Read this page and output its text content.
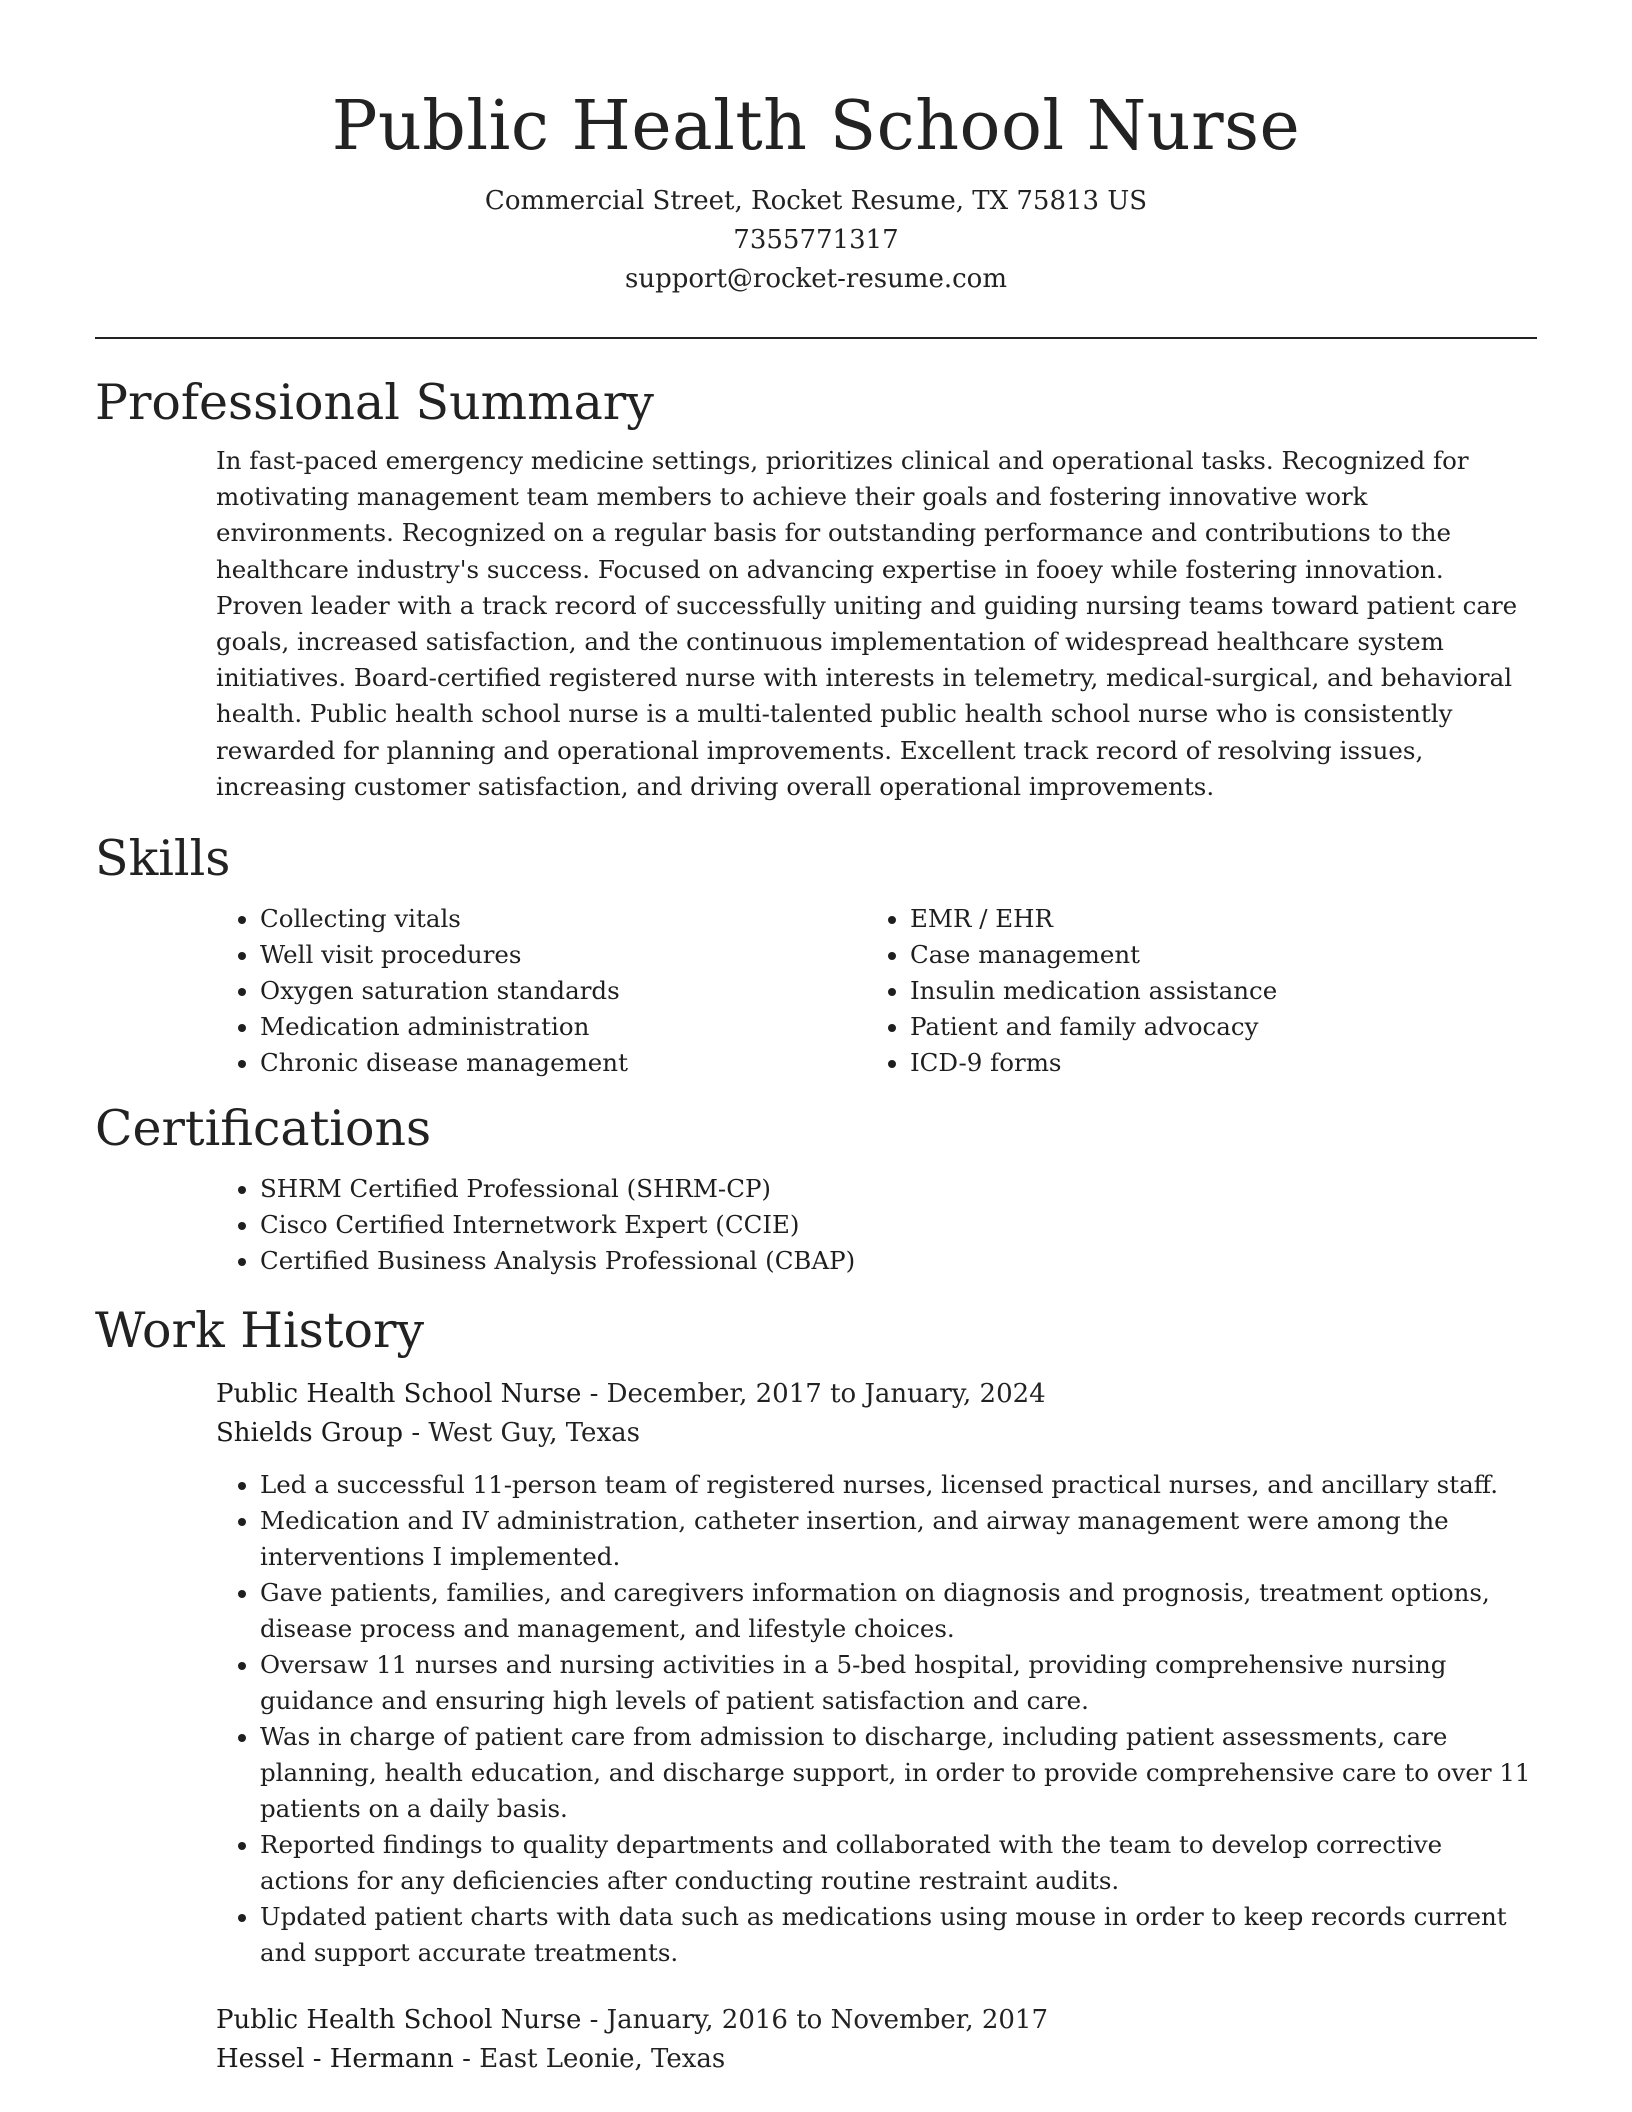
Public Health School Nurse
Commercial Street, Rocket Resume, TX 75813 US
7355771317
support@rocket-resume.com
Professional Summary

In fast-paced emergency medicine settings, prioritizes clinical and operational tasks. Recognized for motivating management team members to achieve their goals and fostering innovative work environments. Recognized on a regular basis for outstanding performance and contributions to the healthcare industry's success. Focused on advancing expertise in fooey while fostering innovation. Proven leader with a track record of successfully uniting and guiding nursing teams toward patient care goals, increased satisfaction, and the continuous implementation of widespread healthcare system initiatives. Board-certified registered nurse with interests in telemetry, medical-surgical, and behavioral health. Public health school nurse is a multi-talented public health school nurse who is consistently rewarded for planning and operational improvements. Excellent track record of resolving issues, increasing customer satisfaction, and driving overall operational improvements.

Skills
• Collecting vitals
• Well visit procedures
• Oxygen saturation standards
• Medication administration
• Chronic disease management
• EMR / EHR
• Case management
• Insulin medication assistance
• Patient and family advocacy
• ICD-9 forms
Certifications
• SHRM Certified Professional (SHRM-CP)
• Cisco Certified Internetwork Expert (CCIE)
• Certified Business Analysis Professional (CBAP)
Work History
Public Health School Nurse - December, 2017 to January, 2024
Shields Group - West Guy, Texas
• Led a successful 11-person team of registered nurses, licensed practical nurses, and ancillary staff.
• Medication and IV administration, catheter insertion, and airway management were among the interventions I implemented.
• Gave patients, families, and caregivers information on diagnosis and prognosis, treatment options, disease process and management, and lifestyle choices.
• Oversaw 11 nurses and nursing activities in a 5-bed hospital, providing comprehensive nursing guidance and ensuring high levels of patient satisfaction and care.
• Was in charge of patient care from admission to discharge, including patient assessments, care planning, health education, and discharge support, in order to provide comprehensive care to over 11 patients on a daily basis.
• Reported findings to quality departments and collaborated with the team to develop corrective actions for any deficiencies after conducting routine restraint audits.
• Updated patient charts with data such as medications using mouse in order to keep records current and support accurate treatments.
Public Health School Nurse - January, 2016 to November, 2017
Hessel - Hermann - East Leonie, Texas
